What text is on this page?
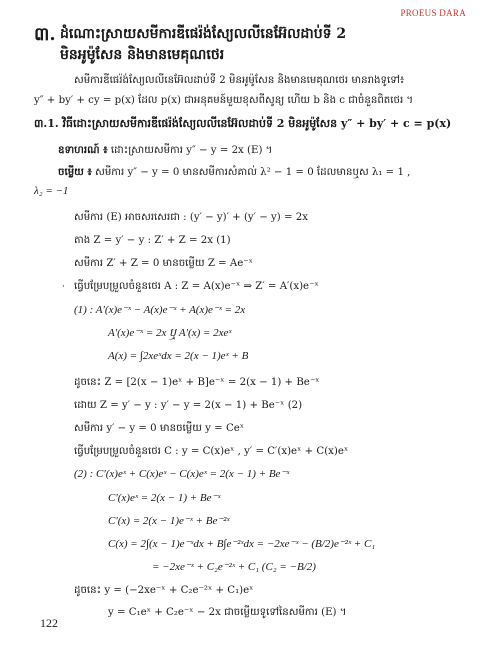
PROEUS DARA
៣. ដំណោះស្រាយសមីការឌីផេរ៉ង់ស្យែលលីនេអ៊ែលដាប់ទី 2
មិនអូម៉ូសែន និងមានមេគុណថេរ
សមីការឌីផេរ៉ង់ស្យែលលីនេអ៊ែលដាប់ទី 2 មិនអូម៉ូសែន និងមានមេគុណថេរ មានរាងទូទៅ៖
y″ + by′ + cy = p(x) ដែល p(x) ជាអនុគមន៍មួយខុសពីសូន្យ ហើយ b និង c ជាចំនួនពិតថេរ ។
៣.1. វិធីដោះស្រាយសមីការឌីផេរ៉ង់ស្យែលលីនេអ៊ែលដាប់ទី 2 មិនអូម៉ូសែន y″ + by′ + c = p(x)
ឧទាហរណ៍ ៖ ដោះស្រាយសមីការ y″ − y = 2x (E) ។
ចម្លើយ ៖ សមីការ y″ − y = 0 មានសមីការសំគាល់ λ² − 1 = 0 ដែលមានឬស λ₁ = 1 ,
λ₂ = −1
សមីការ (E) អាចសរសេរជា : (y′ − y)′ + (y′ − y) = 2x
តាង Z = y′ − y : Z′ + Z = 2x (1)
សមីការ Z′ + Z = 0 មានចម្លើយ Z = Ae⁻ˣ
· ធ្វើបម្រែបម្រួលចំនួនថេរ A : Z = A(x)e⁻ˣ ⇒ Z′ = A′(x)e⁻ˣ
(1) : A′(x)e⁻ˣ − A(x)e⁻ˣ + A(x)e⁻ˣ = 2x
A′(x)e⁻ˣ = 2x ឬ A′(x) = 2xeˣ
A(x) = ∫2xeˣdx = 2(x − 1)eˣ + B
ដូចនេះ Z = [2(x − 1)eˣ + B]e⁻ˣ = 2(x − 1) + Be⁻ˣ
ដោយ Z = y′ − y : y′ − y = 2(x − 1) + Be⁻ˣ (2)
សមីការ y′ − y = 0 មានចម្លើយ y = Ceˣ
ធ្វើបម្រែបម្រួលចំនួនថេរ C : y = C(x)eˣ , y′ = C′(x)eˣ + C(x)eˣ
(2) : C′(x)eˣ + C(x)eˣ − C(x)eˣ = 2(x − 1) + Be⁻ˣ
C′(x)eˣ = 2(x − 1) + Be⁻ˣ
C′(x) = 2(x − 1)e⁻ˣ + Be⁻²ˣ
C(x) = 2∫(x − 1)e⁻ˣdx + B∫e⁻²ˣdx = −2xe⁻ˣ − (B/2)e⁻²ˣ + C₁
= −2xe⁻ˣ + C₂e⁻²ˣ + C₁ (C₂ = −B/2)
ដូចនេះ y = (−2xe⁻ˣ + C₂e⁻²ˣ + C₁)eˣ
y = C₁eˣ + C₂e⁻ˣ − 2x ជាចម្លើយទូទៅនៃសមីការ (E) ។
122
